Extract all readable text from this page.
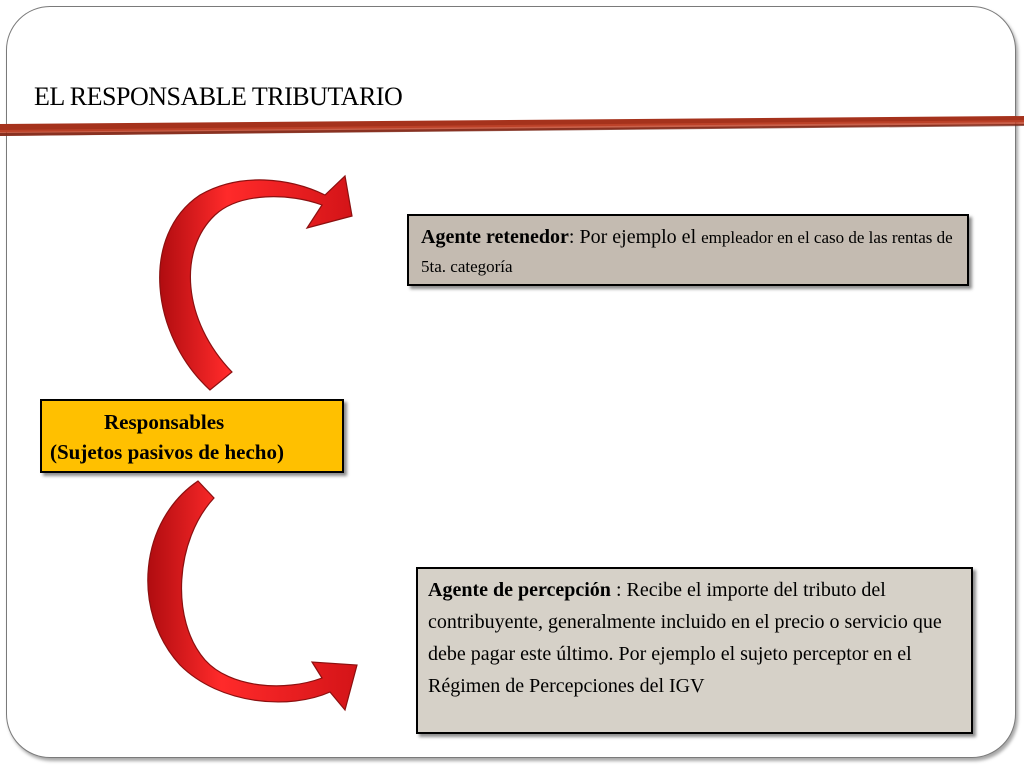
EL RESPONSABLE TRIBUTARIO
Agente retenedor: Por ejemplo el empleador en el caso de las rentas de 5ta. categoría
Responsables
(Sujetos pasivos de hecho)
Agente de percepción : Recibe el importe del tributo del contribuyente, generalmente incluido en el precio o servicio que debe pagar este último. Por ejemplo el sujeto perceptor en el Régimen de Percepciones del IGV
